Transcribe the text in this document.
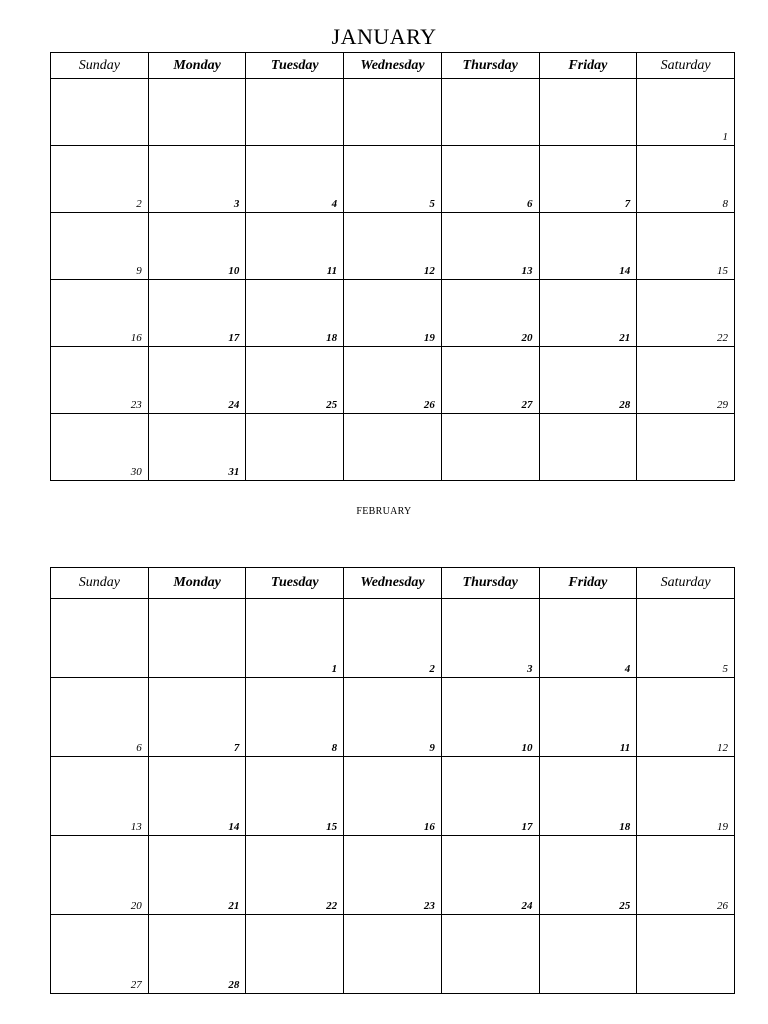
JANUARY
Sunday	Monday	Tuesday	Wednesday	Thursday	Friday	Saturday
						1
2	3	4	5	6	7	8
9	10	11	12	13	14	15
16	17	18	19	20	21	22
23	24	25	26	27	28	29
30	31					
FEBRUARY
Sunday	Monday	Tuesday	Wednesday	Thursday	Friday	Saturday
		1	2	3	4	5
6	7	8	9	10	11	12
13	14	15	16	17	18	19
20	21	22	23	24	25	26
27	28					
